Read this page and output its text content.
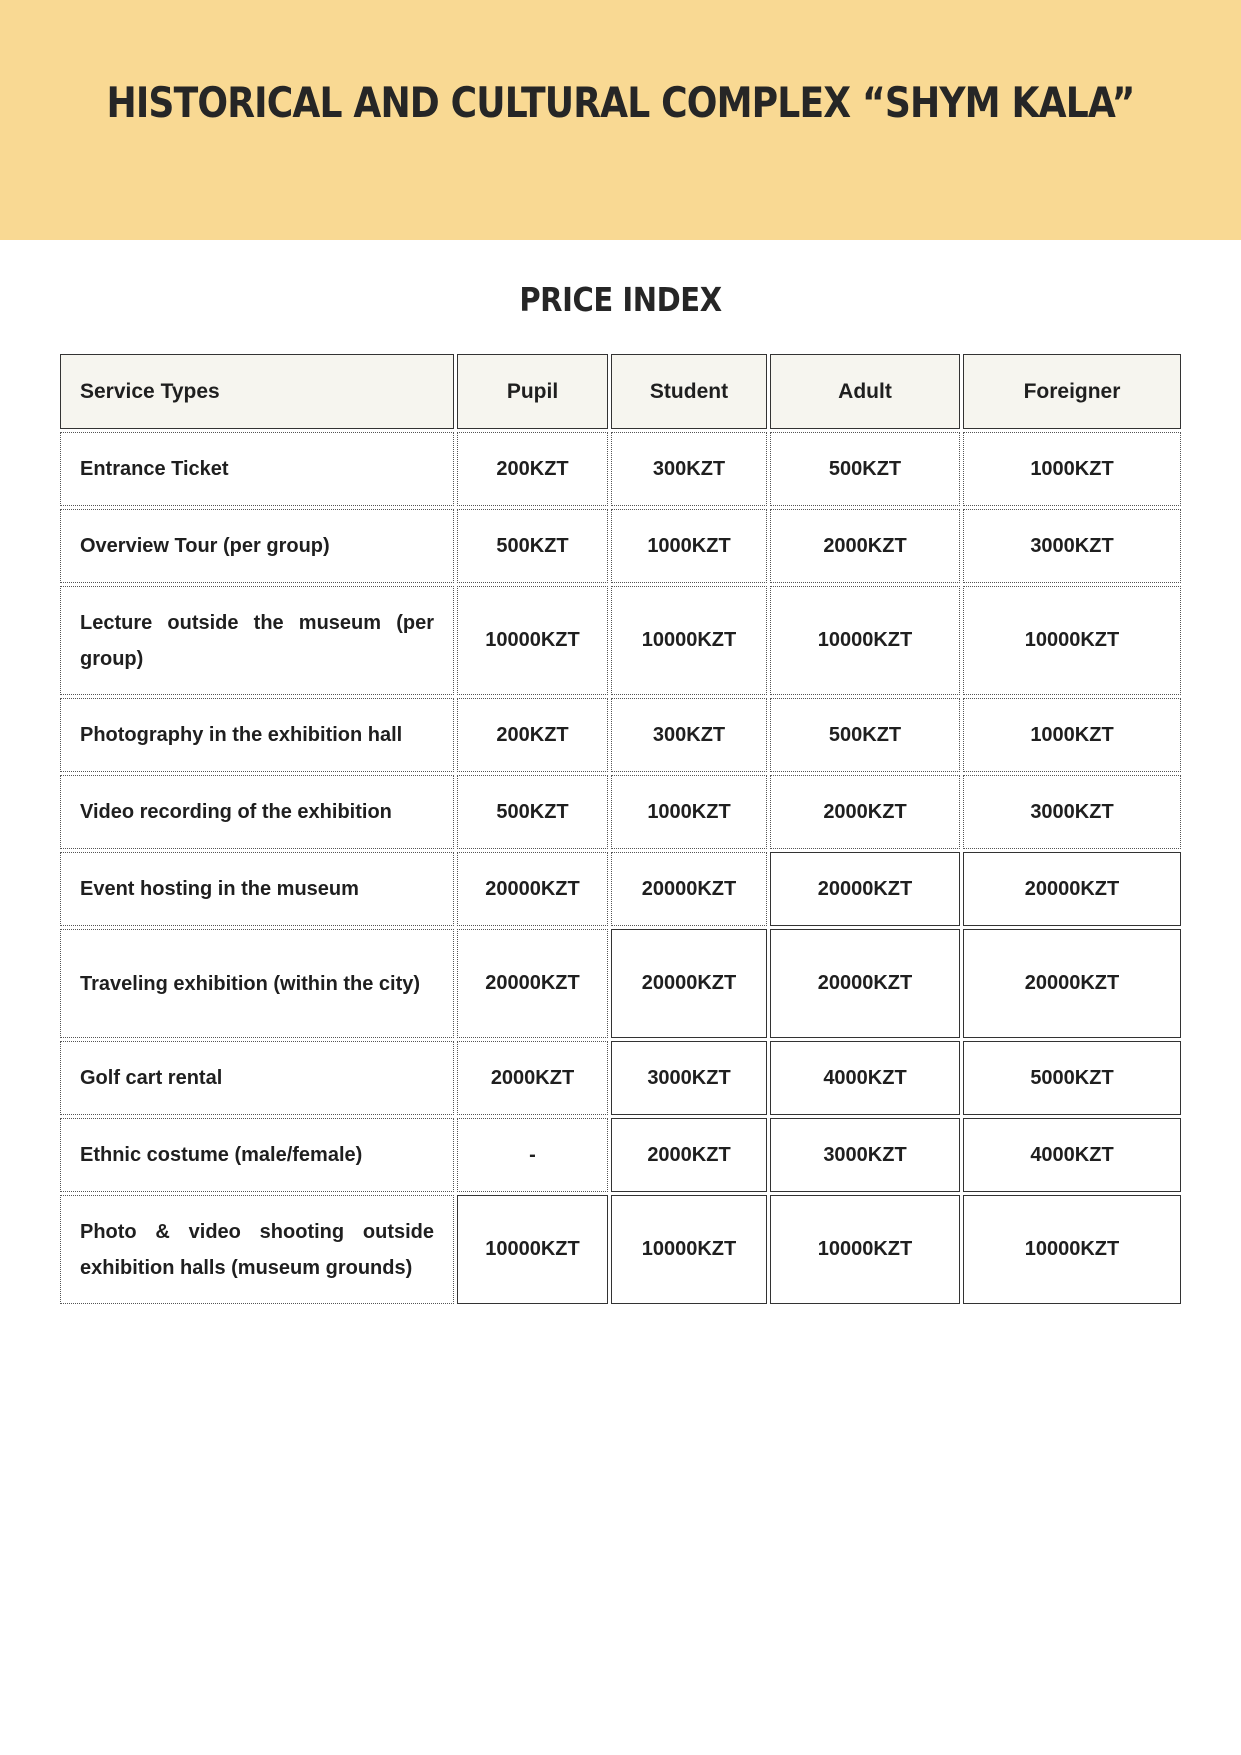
HISTORICAL AND CULTURAL COMPLEX “SHYM KALA”
PRICE INDEX
Service Types	Pupil	Student	Adult	Foreigner
Entrance Ticket	200KZT	300KZT	500KZT	1000KZT
Overview Tour (per group)	500KZT	1000KZT	2000KZT	3000KZT
Lecture outside the museum (per group)	10000KZT	10000KZT	10000KZT	10000KZT
Photography in the exhibition hall	200KZT	300KZT	500KZT	1000KZT
Video recording of the exhibition	500KZT	1000KZT	2000KZT	3000KZT
Event hosting in the museum	20000KZT	20000KZT	20000KZT	20000KZT
Traveling exhibition (within the city)	20000KZT	20000KZT	20000KZT	20000KZT
Golf cart rental	2000KZT	3000KZT	4000KZT	5000KZT
Ethnic costume (male/female)	-	2000KZT	3000KZT	4000KZT
Photo & video shooting outside exhibition halls (museum grounds)	10000KZT	10000KZT	10000KZT	10000KZT
